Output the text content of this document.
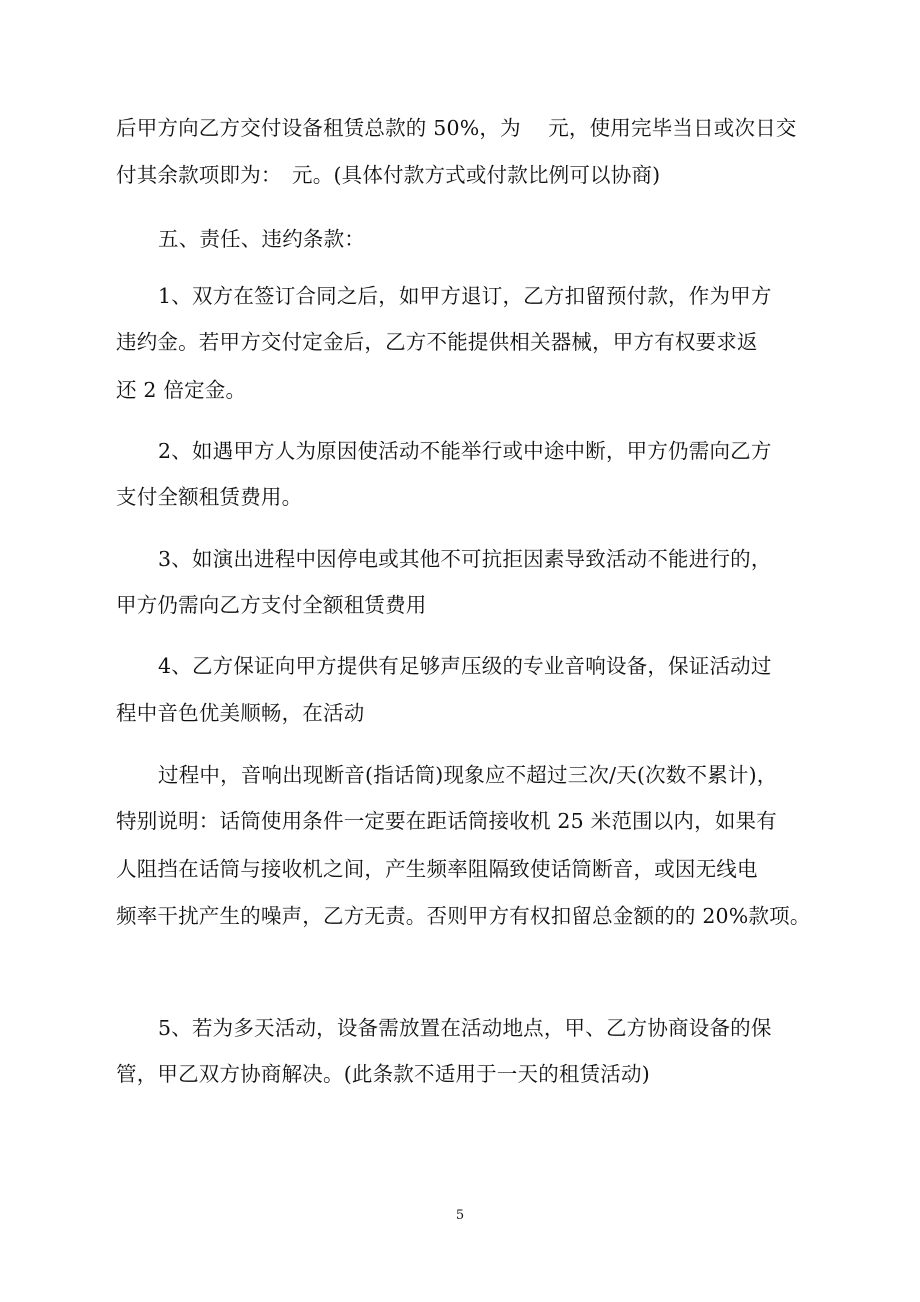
后甲方向乙方交付设备租赁总款的 50%，为　 元，使用完毕当日或次日交
付其余款项即为：　元。(具体付款方式或付款比例可以协商)
五、责任、违约条款：
1、双方在签订合同之后，如甲方退订，乙方扣留预付款，作为甲方
违约金。若甲方交付定金后，乙方不能提供相关器械，甲方有权要求返
还 2 倍定金。
2、如遇甲方人为原因使活动不能举行或中途中断，甲方仍需向乙方
支付全额租赁费用。
3、如演出进程中因停电或其他不可抗拒因素导致活动不能进行的，
甲方仍需向乙方支付全额租赁费用
4、乙方保证向甲方提供有足够声压级的专业音响设备，保证活动过
程中音色优美顺畅，在活动
过程中，音响出现断音(指话筒)现象应不超过三次/天(次数不累计)，
特别说明：话筒使用条件一定要在距话筒接收机 25 米范围以内，如果有
人阻挡在话筒与接收机之间，产生频率阻隔致使话筒断音，或因无线电
频率干扰产生的噪声，乙方无责。否则甲方有权扣留总金额的的 20%款项。
5、若为多天活动，设备需放置在活动地点，甲、乙方协商设备的保
管，甲乙双方协商解决。(此条款不适用于一天的租赁活动)
5
